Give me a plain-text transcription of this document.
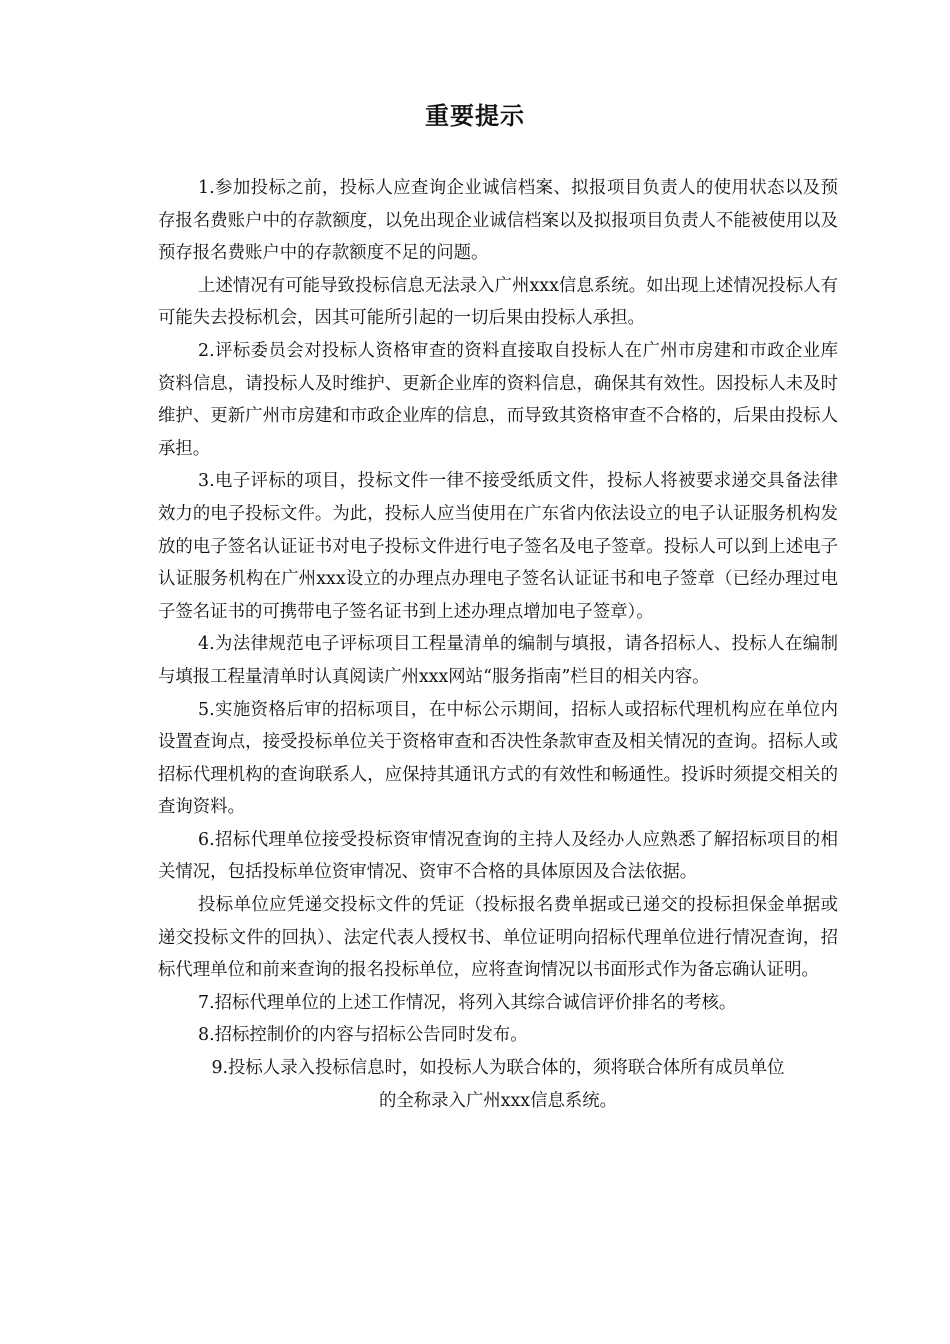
重要提示

1.参加投标之前，投标人应查询企业诚信档案、拟报项目负责人的使用状态以及预存报名费账户中的存款额度，以免出现企业诚信档案以及拟报项目负责人不能被使用以及预存报名费账户中的存款额度不足的问题。

上述情况有可能导致投标信息无法录入广州xxx信息系统。如出现上述情况投标人有可能失去投标机会，因其可能所引起的一切后果由投标人承担。

2.评标委员会对投标人资格审查的资料直接取自投标人在广州市房建和市政企业库资料信息，请投标人及时维护、更新企业库的资料信息，确保其有效性。因投标人未及时维护、更新广州市房建和市政企业库的信息，而导致其资格审查不合格的，后果由投标人承担。

3.电子评标的项目，投标文件一律不接受纸质文件，投标人将被要求递交具备法律效力的电子投标文件。为此，投标人应当使用在广东省内依法设立的电子认证服务机构发放的电子签名认证证书对电子投标文件进行电子签名及电子签章。投标人可以到上述电子认证服务机构在广州xxx设立的办理点办理电子签名认证证书和电子签章（已经办理过电子签名证书的可携带电子签名证书到上述办理点增加电子签章）。

4.为法律规范电子评标项目工程量清单的编制与填报，请各招标人、投标人在编制与填报工程量清单时认真阅读广州xxx网站“服务指南”栏目的相关内容。

5.实施资格后审的招标项目，在中标公示期间，招标人或招标代理机构应在单位内设置查询点，接受投标单位关于资格审查和否决性条款审查及相关情况的查询。招标人或招标代理机构的查询联系人，应保持其通讯方式的有效性和畅通性。投诉时须提交相关的查询资料。

6.招标代理单位接受投标资审情况查询的主持人及经办人应熟悉了解招标项目的相关情况，包括投标单位资审情况、资审不合格的具体原因及合法依据。

投标单位应凭递交投标文件的凭证（投标报名费单据或已递交的投标担保金单据或递交投标文件的回执）、法定代表人授权书、单位证明向招标代理单位进行情况查询，招标代理单位和前来查询的报名投标单位，应将查询情况以书面形式作为备忘确认证明。

7.招标代理单位的上述工作情况，将列入其综合诚信评价排名的考核。

8.招标控制价的内容与招标公告同时发布。

9.投标人录入投标信息时，如投标人为联合体的，须将联合体所有成员单位

的全称录入广州xxx信息系统。
